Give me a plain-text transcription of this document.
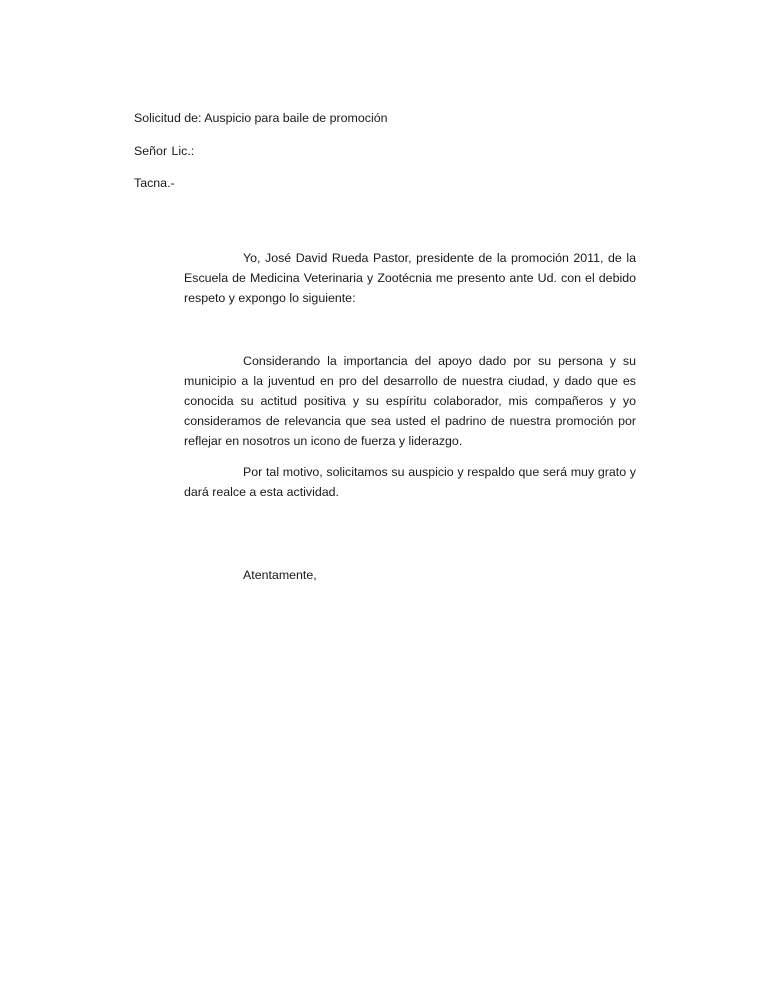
Solicitud de: Auspicio para baile de promoción
Señor Lic.:
Tacna.-

Yo, José David Rueda Pastor, presidente de la promoción 2011, de la Escuela de Medicina Veterinaria y Zootécnia me presento ante Ud. con el debido respeto y expongo lo siguiente:

Considerando la importancia del apoyo dado por su persona y su municipio a la juventud en pro del desarrollo de nuestra ciudad, y dado que es conocida su actitud positiva y su espíritu colaborador, mis compañeros y yo consideramos de relevancia que sea usted el padrino de nuestra promoción por reflejar en nosotros un icono de fuerza y liderazgo.

Por tal motivo, solicitamos su auspicio y respaldo que será muy grato y dará realce a esta actividad.

Atentamente,
